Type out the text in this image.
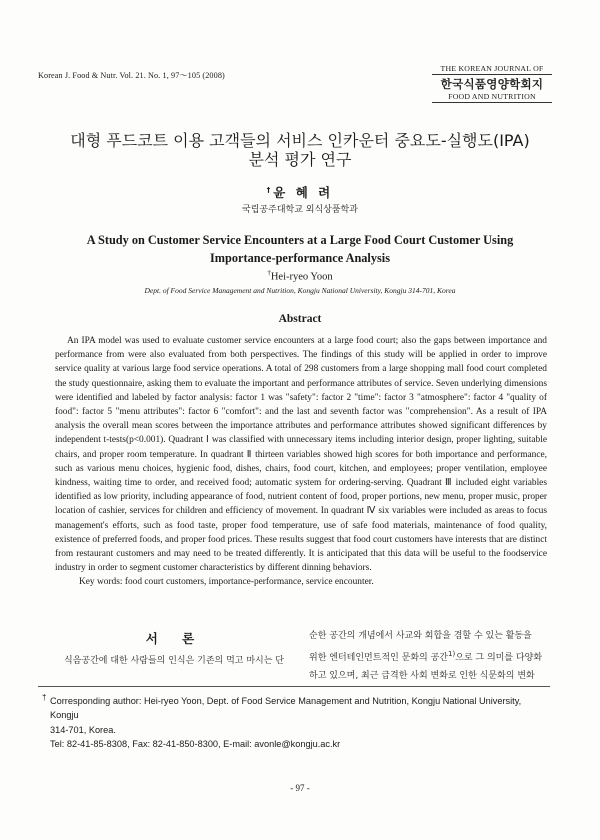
Korean J. Food & Nutr. Vol. 21. No. 1, 97～105 (2008)
THE KOREAN JOURNAL OF
한국식품영양학회지
FOOD AND NUTRITION
대형 푸드코트 이용 고객들의 서비스 인카운터 중요도-실행도(IPA)
분석 평가 연구
†윤 혜 려
국립공주대학교 외식상품학과
A Study on Customer Service Encounters at a Large Food Court Customer Using
Importance-performance Analysis
†Hei-ryeo Yoon
Dept. of Food Service Management and Nutrition, Kongju National University, Kongju 314-701, Korea
Abstract

An IPA model was used to evaluate customer service encounters at a large food court; also the gaps between importance and performance from were also evaluated from both perspectives. The findings of this study will be applied in order to improve service quality at various large food service operations. A total of 298 customers from a large shopping mall food court completed the study questionnaire, asking them to evaluate the important and performance attributes of service. Seven underlying dimensions were identified and labeled by factor analysis: factor 1 was "safety": factor 2 "time": factor 3 "atmosphere": factor 4 "quality of food": factor 5 "menu attributes": factor 6 "comfort": and the last and seventh factor was "comprehension". As a result of IPA analysis the overall mean scores between the importance attributes and performance attributes showed significant differences by independent t-tests(p<0.001). Quadrant Ⅰ was classified with unnecessary items including interior design, proper lighting, suitable chairs, and proper room temperature. In quadrant Ⅱ thirteen variables showed high scores for both importance and performance, such as various menu choices, hygienic food, dishes, chairs, food court, kitchen, and employees; proper ventilation, employee kindness, waiting time to order, and received food; automatic system for ordering-serving. Quadrant Ⅲ included eight variables identified as low priority, including appearance of food, nutrient content of food, proper portions, new menu, proper music, proper location of cashier, services for children and efficiency of movement. In quadrant Ⅳ six variables were included as areas to focus management's efforts, such as food taste, proper food temperature, use of safe food materials, maintenance of food quality, existence of preferred foods, and proper food prices. These results suggest that food court customers have interests that are distinct from restaurant customers and may need to be treated differently. It is anticipated that this data will be useful to the foodservice industry in order to segment customer characteristics by different dinning behaviors.

Key words: food court customers, importance-performance, service encounter.

서 론
식음공간에 대한 사람들의 인식은 기존의 먹고 마시는 단
순한 공간의 개념에서 사교와 회합을 겸할 수 있는 활동을
위한 엔터테인먼트적인 문화의 공간$^{1)}$으로 그 의미를 다양화
하고 있으며, 최근 급격한 사회 변화로 인한 식문화의 변화
† Corresponding author: Hei-ryeo Yoon, Dept. of Food Service Management and Nutrition, Kongju National University, Kongju
314-701, Korea.
Tel: 82-41-85-8308, Fax: 82-41-850-8300, E-mail: avonle@kongju.ac.kr
- 97 -
